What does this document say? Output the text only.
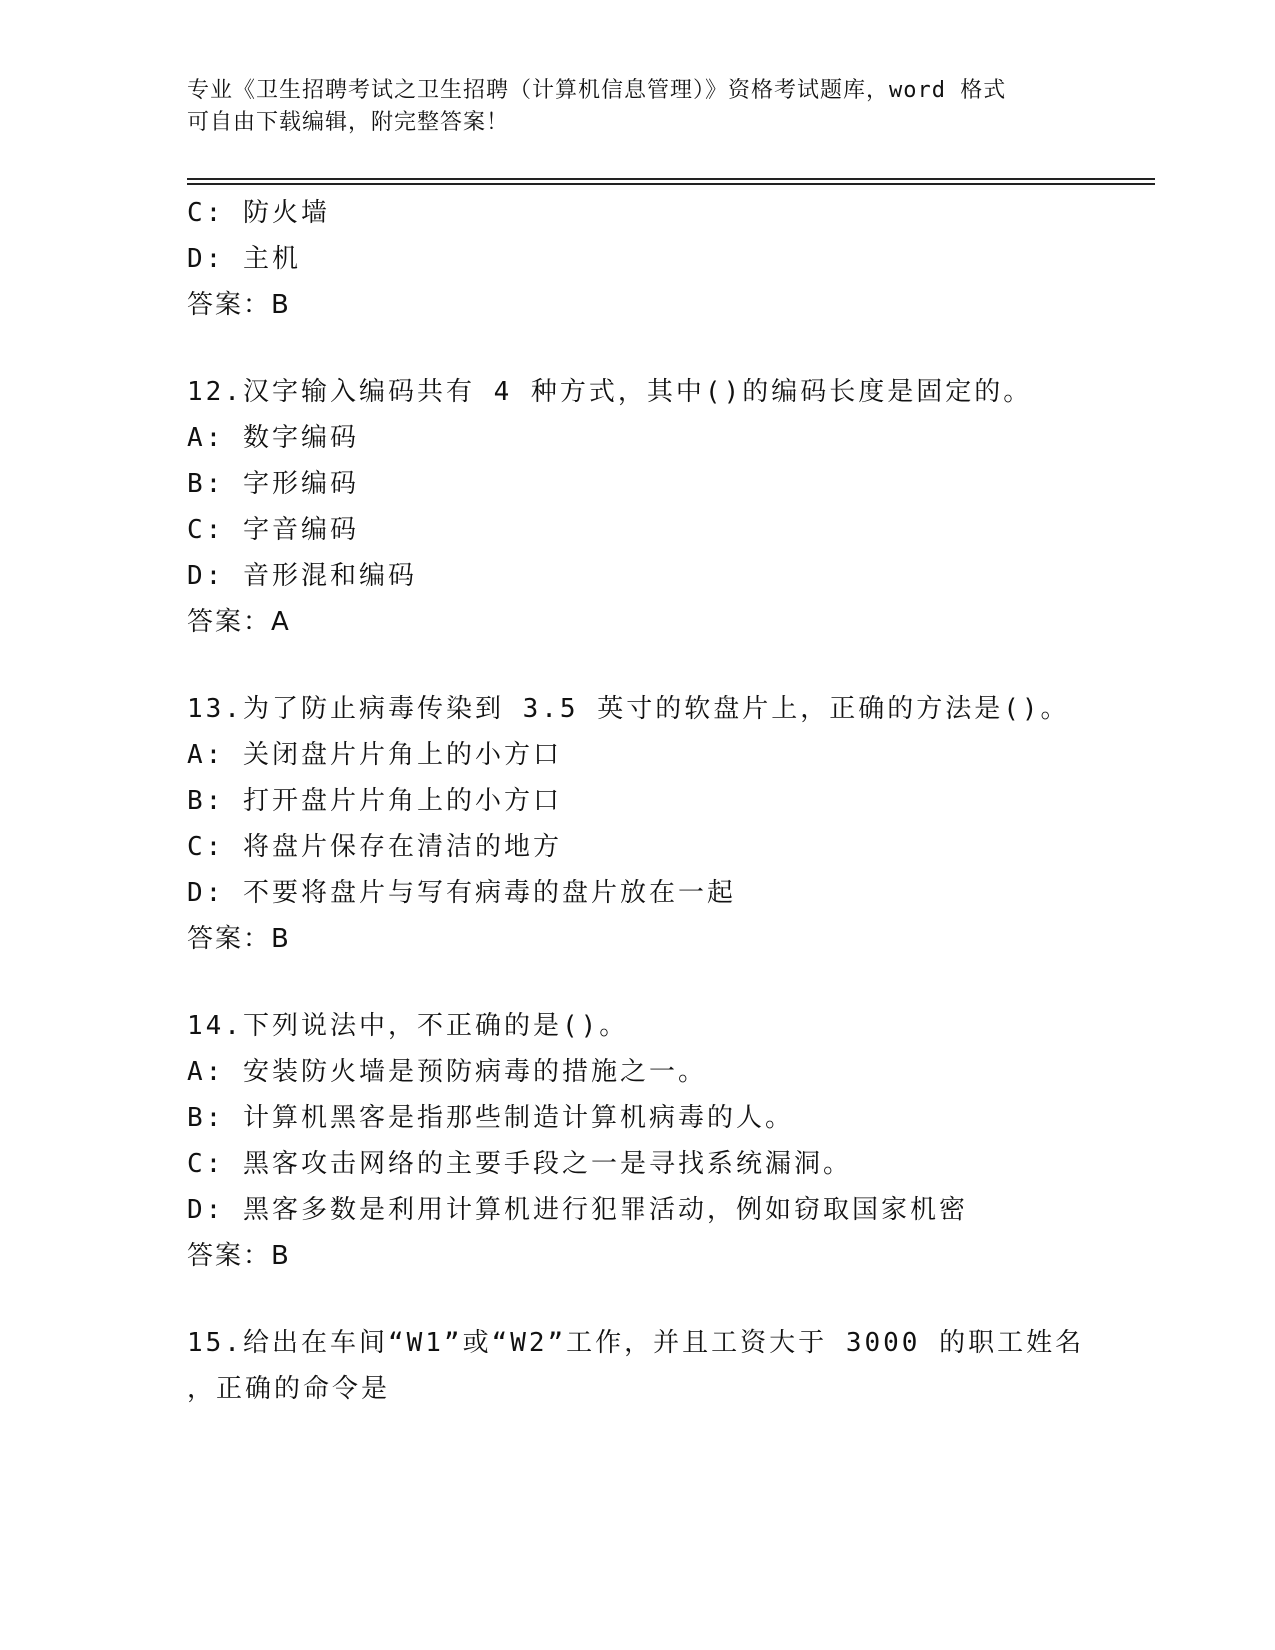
专业《卫生招聘考试之卫生招聘（计算机信息管理）》资格考试题库，word 格式
可自由下载编辑，附完整答案！
C: 防火墙
D: 主机
答案：B
12.汉字输入编码共有 4 种方式，其中()的编码长度是固定的。
A: 数字编码
B: 字形编码
C: 字音编码
D: 音形混和编码
答案：A
13.为了防止病毒传染到 3.5 英寸的软盘片上，正确的方法是()。
A: 关闭盘片片角上的小方口
B: 打开盘片片角上的小方口
C: 将盘片保存在清洁的地方
D: 不要将盘片与写有病毒的盘片放在一起
答案：B
14.下列说法中，不正确的是()。
A: 安装防火墙是预防病毒的措施之一。
B: 计算机黑客是指那些制造计算机病毒的人。
C: 黑客攻击网络的主要手段之一是寻找系统漏洞。
D: 黑客多数是利用计算机进行犯罪活动，例如窃取国家机密
答案：B
15.给出在车间“W1”或“W2”工作，并且工资大于 3000 的职工姓名
，正确的命令是
